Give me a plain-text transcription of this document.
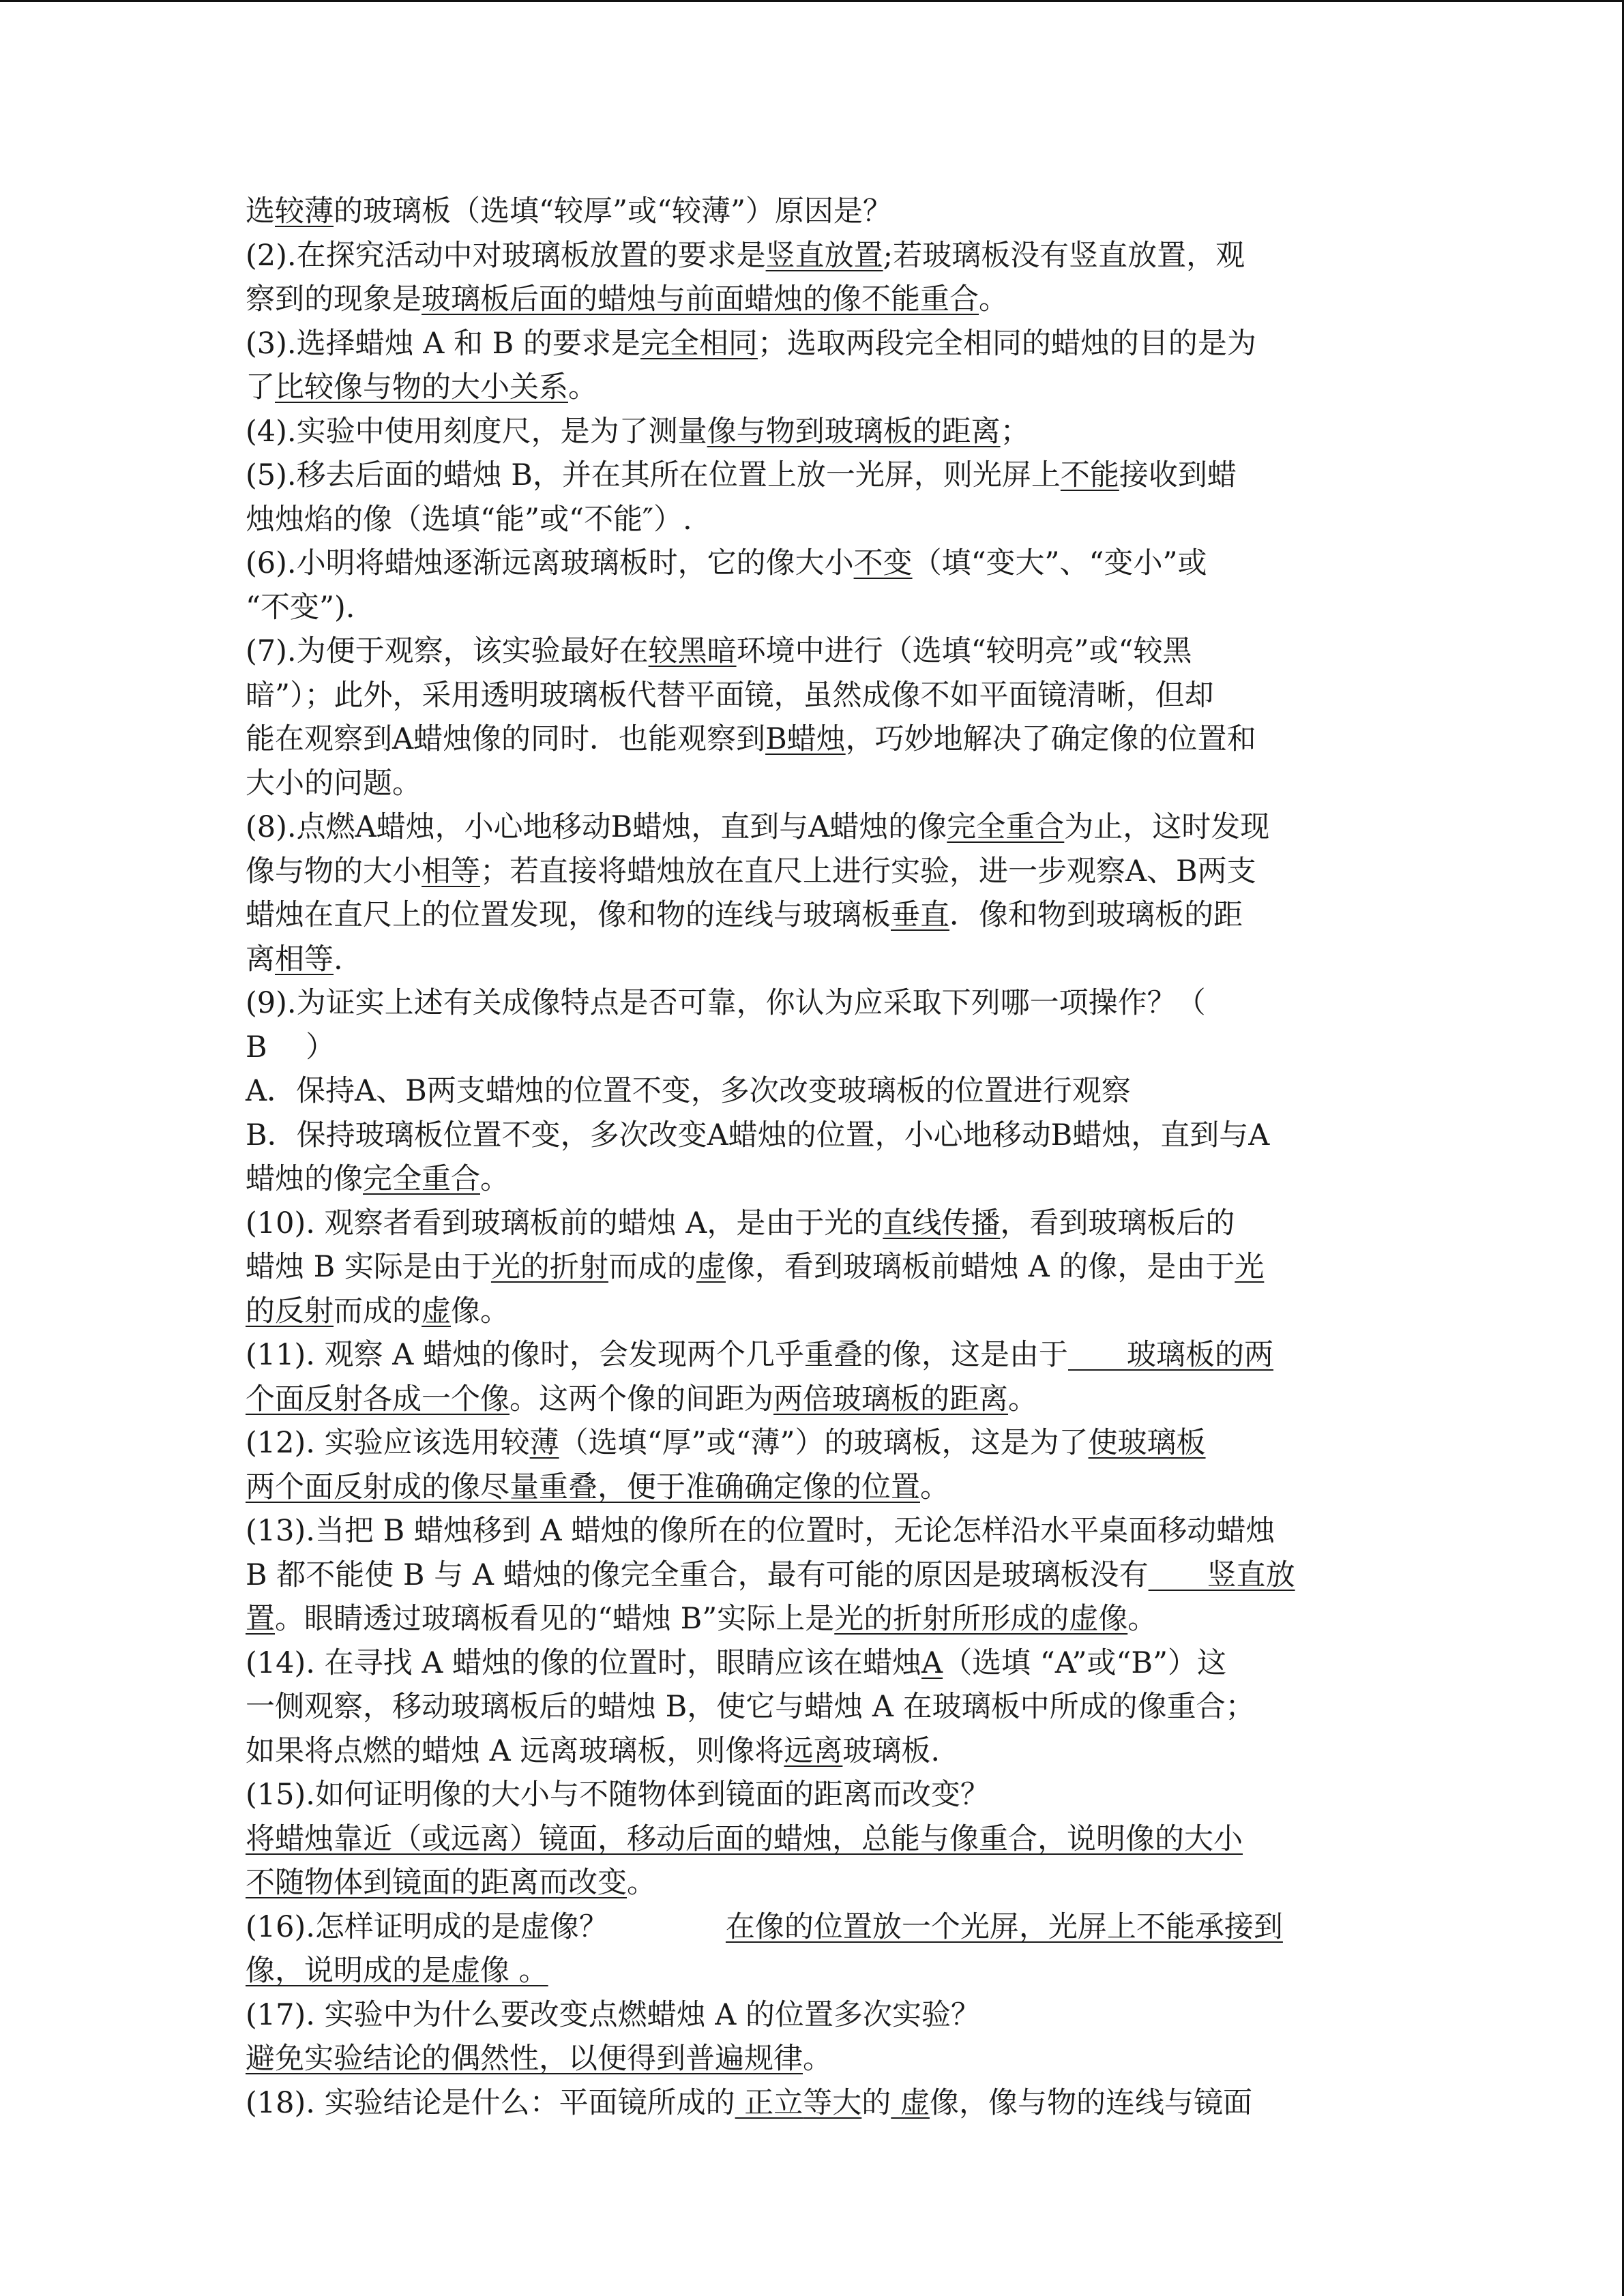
选较薄的玻璃板（选填“较厚”或“较薄”）原因是？
(2).在探究活动中对玻璃板放置的要求是竖直放置;若玻璃板没有竖直放置，观
察到的现象是玻璃板后面的蜡烛与前面蜡烛的像不能重合。
(3).选择蜡烛 A 和 B 的要求是完全相同；选取两段完全相同的蜡烛的目的是为
了比较像与物的大小关系。
(4).实验中使用刻度尺，是为了测量像与物到玻璃板的距离；
(5).移去后面的蜡烛 B，并在其所在位置上放一光屏，则光屏上不能接收到蜡
烛烛焰的像（选填“能”或“不能″）.
(6).小明将蜡烛逐渐远离玻璃板时，它的像大小不变（填“变大”、“变小”或
“不变”).
(7).为便于观察，该实验最好在较黑暗环境中进行（选填“较明亮”或“较黑
暗”）；此外，采用透明玻璃板代替平面镜，虽然成像不如平面镜清晰，但却
能在观察到A蜡烛像的同时．也能观察到B蜡烛，巧妙地解决了确定像的位置和
大小的问题。
(8).点燃A蜡烛，小心地移动B蜡烛，直到与A蜡烛的像完全重合为止，这时发现
像与物的大小相等；若直接将蜡烛放在直尺上进行实验，进一步观察A、B两支
蜡烛在直尺上的位置发现，像和物的连线与玻璃板垂直．像和物到玻璃板的距
离相等.
(9).为证实上述有关成像特点是否可靠，你认为应采取下列哪一项操作？（
B　 ）
A．保持A、B两支蜡烛的位置不变，多次改变玻璃板的位置进行观察
B．保持玻璃板位置不变，多次改变A蜡烛的位置，小心地移动B蜡烛，直到与A
蜡烛的像完全重合。
(10). 观察者看到玻璃板前的蜡烛 A，是由于光的直线传播，看到玻璃板后的
蜡烛 B 实际是由于光的折射而成的虚像，看到玻璃板前蜡烛 A 的像，是由于光
的反射而成的虚像。
(11). 观察 A 蜡烛的像时，会发现两个几乎重叠的像，这是由于　　玻璃板的两
个面反射各成一个像。这两个像的间距为两倍玻璃板的距离。
(12). 实验应该选用较薄（选填“厚”或“薄”）的玻璃板，这是为了使玻璃板
两个面反射成的像尽量重叠，便于准确确定像的位置。
(13).当把 B 蜡烛移到 A 蜡烛的像所在的位置时，无论怎样沿水平桌面移动蜡烛
B 都不能使 B 与 A 蜡烛的像完全重合，最有可能的原因是玻璃板没有　　竖直放
置。眼睛透过玻璃板看见的“蜡烛 B”实际上是光的折射所形成的虚像。
(14). 在寻找 A 蜡烛的像的位置时，眼睛应该在蜡烛A（选填 “A”或“B”）这
一侧观察，移动玻璃板后的蜡烛 B，使它与蜡烛 A 在玻璃板中所成的像重合；
如果将点燃的蜡烛 A 远离玻璃板，则像将远离玻璃板.
(15).如何证明像的大小与不随物体到镜面的距离而改变？
将蜡烛靠近（或远离）镜面，移动后面的蜡烛，总能与像重合，说明像的大小
不随物体到镜面的距离而改变。
(16).怎样证明成的是虚像？　　　　在像的位置放一个光屏，光屏上不能承接到
像，说明成的是虚像 。
(17). 实验中为什么要改变点燃蜡烛 A 的位置多次实验？
避免实验结论的偶然性，以便得到普遍规律。
(18). 实验结论是什么：平面镜所成的 正立等大的 虚像，像与物的连线与镜面
